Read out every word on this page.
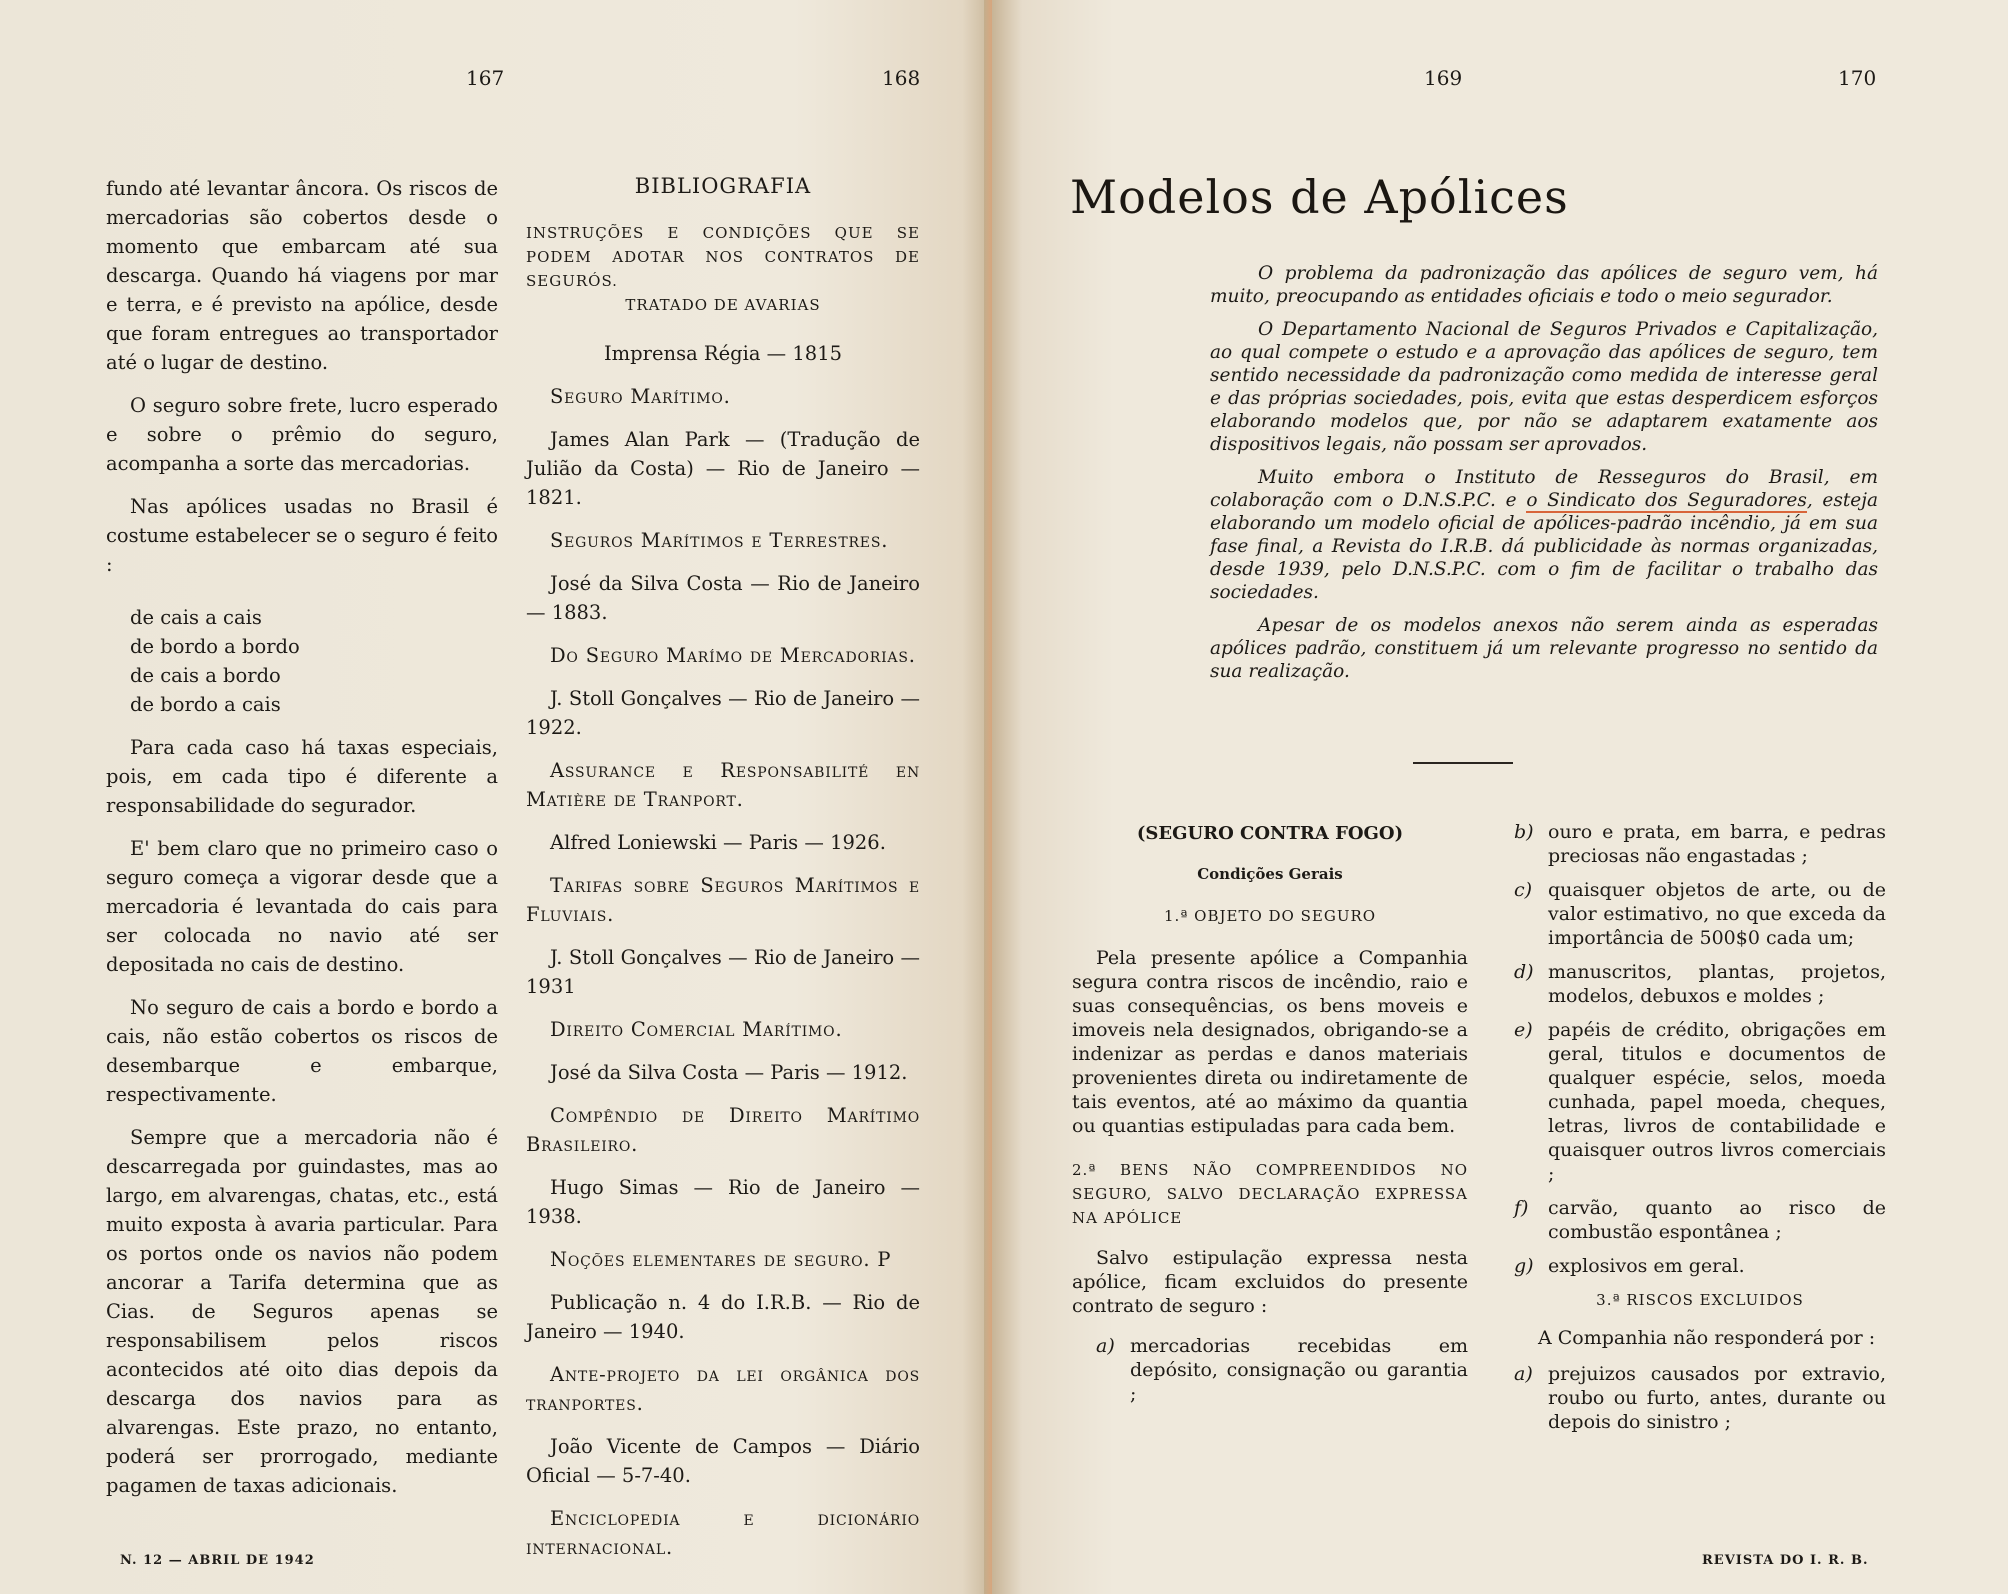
167	168

fundo até levantar âncora. Os riscos de mercadorias são cobertos desde o momento que embarcam até sua descarga. Quando há viagens por mar e terra, e é previsto na apólice, desde que foram entregues ao transportador até o lugar de destino.

O seguro sobre frete, lucro esperado e sobre o prêmio do seguro, acompanha a sorte das mercadorias.

Nas apólices usadas no Brasil é costume estabelecer se o seguro é feito :

de cais a cais
de bordo a bordo
de cais a bordo
de bordo a cais

Para cada caso há taxas especiais, pois, em cada tipo é diferente a responsabilidade do segurador.

E' bem claro que no primeiro caso o seguro começa a vigorar desde que a mercadoria é levantada do cais para ser colocada no navio até ser depositada no cais de destino.

No seguro de cais a bordo e bordo a cais, não estão cobertos os riscos de desembarque e embarque, respectivamente.

Sempre que a mercadoria não é descarregada por guindastes, mas ao largo, em alvarengas, chatas, etc., está muito exposta à avaria particular. Para os portos onde os navios não podem ancorar a Tarifa determina que as Cias. de Seguros apenas se responsabilisem pelos riscos acontecidos até oito dias depois da descarga dos navios para as alvarengas. Este prazo, no entanto, poderá ser prorrogado, mediante pagamen de taxas adicionais.

BIBLIOGRAFIA
INSTRUÇÕES E CONDIÇÕES QUE SE PODEM ADOTAR NOS CONTRATOS DE SEGURÓS.
TRATADO DE AVARIAS
Imprensa Régia — 1815

Seguro Marítimo.

James Alan Park — (Tradução de Julião da Costa) — Rio de Janeiro — 1821.

Seguros Marítimos e Terrestres.

José da Silva Costa — Rio de Janeiro — 1883.

Do Seguro Marímo de Mercadorias.

J. Stoll Gonçalves — Rio de Janeiro — 1922.

Assurance e Responsabilité en Matière de Tranport.

Alfred Loniewski — Paris — 1926.

Tarifas sobre Seguros Marítimos e Fluviais.

J. Stoll Gonçalves — Rio de Janeiro — 1931

Direito Comercial Marítimo.

José da Silva Costa — Paris — 1912.

Compêndio de Direito Marítimo Brasileiro.

Hugo Simas — Rio de Janeiro — 1938.

Noções elementares de seguro. P

Publicação n. 4 do I.R.B. — Rio de Janeiro — 1940.

Ante-projeto da lei orgânica dos tranportes.

João Vicente de Campos — Diário Oficial — 5-7-40.

Enciclopedia e dicionário internacional.

N. 12 — ABRIL DE 1942
169	170
REVISTA DO I. R. B.
Modelos de Apólices

O problema da padronização das apólices de seguro vem, há muito, preocupando as entidades oficiais e todo o meio segurador.

O Departamento Nacional de Seguros Privados e Capitalização, ao qual compete o estudo e a aprovação das apólices de seguro, tem sentido necessidade da padronização como medida de interesse geral e das próprias sociedades, pois, evita que estas desperdicem esforços elaborando modelos que, por não se adaptarem exatamente aos dispositivos legais, não possam ser aprovados.

Muito embora o Instituto de Resseguros do Brasil, em colaboração com o D.N.S.P.C. e o Sindicato dos Seguradores, esteja elaborando um modelo oficial de apólices-padrão incêndio, já em sua fase final, a Revista do I.R.B. dá publicidade às normas organizadas, desde 1939, pelo D.N.S.P.C. com o fim de facilitar o trabalho das sociedades.

Apesar de os modelos anexos não serem ainda as esperadas apólices padrão, constituem já um relevante progresso no sentido da sua realização.

(SEGURO CONTRA FOGO)
Condições Gerais
1.ª OBJETO DO SEGURO

Pela presente apólice a Companhia segura contra riscos de incêndio, raio e suas consequências, os bens moveis e imoveis nela designados, obrigando-se a indenizar as perdas e danos materiais provenientes direta ou indiretamente de tais eventos, até ao máximo da quantia ou quantias estipuladas para cada bem.

2.ª BENS NÃO COMPREENDIDOS NO SEGURO, SALVO DECLARAÇÃO EXPRESSA NA APÓLICE

Salvo estipulação expressa nesta apólice, ficam excluidos do presente contrato de seguro :

a) mercadorias recebidas em depósito, consignação ou garantia ;
b) ouro e prata, em barra, e pedras preciosas não engastadas ;
c) quaisquer objetos de arte, ou de valor estimativo, no que exceda da importância de 500$0 cada um;
d) manuscritos, plantas, projetos, modelos, debuxos e moldes ;
e) papéis de crédito, obrigações em geral, titulos e documentos de qualquer espécie, selos, moeda cunhada, papel moeda, cheques, letras, livros de contabilidade e quaisquer outros livros comerciais ;
f)	carvão, quanto ao risco de combustão espontânea ;
g) explosivos em geral.
3.ª RISCOS EXCLUIDOS

A Companhia não responderá por :

a) prejuizos causados por extravio, roubo ou furto, antes, durante ou depois do sinistro ;
